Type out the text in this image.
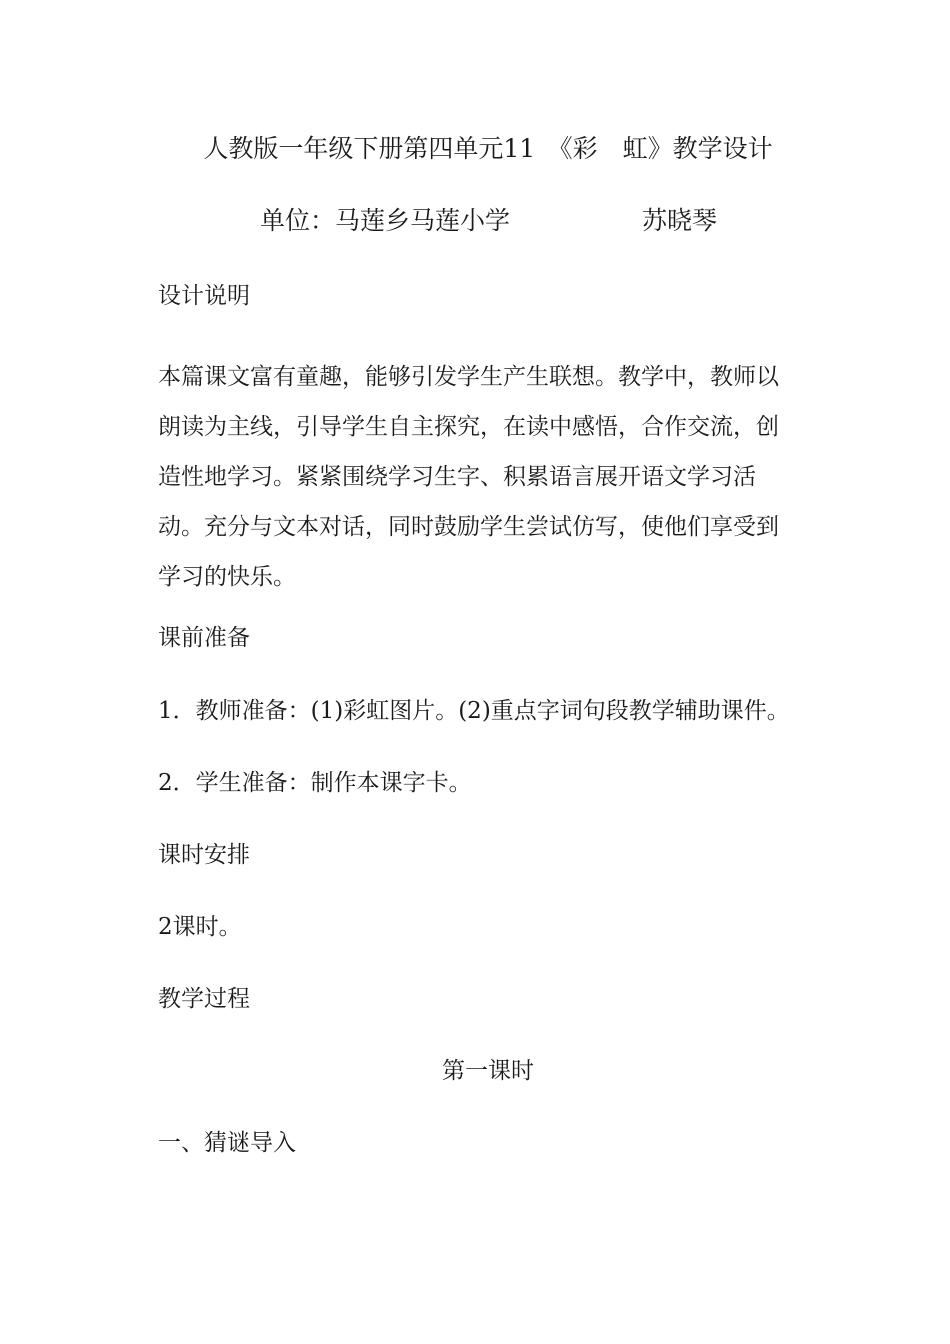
人教版一年级下册第四单元11　《彩　虹》教学设计
单位：马莲乡马莲小学	苏晓琴
设计说明
本篇课文富有童趣，能够引发学生产生联想。教学中，教师以
朗读为主线，引导学生自主探究，在读中感悟，合作交流，创
造性地学习。紧紧围绕学习生字、积累语言展开语文学习活
动。充分与文本对话，同时鼓励学生尝试仿写，使他们享受到
学习的快乐。
课前准备
1．教师准备：(1)彩虹图片。(2)重点字词句段教学辅助课件。
2．学生准备：制作本课字卡。
课时安排
2课时。
教学过程
第一课时
一、猜谜导入
